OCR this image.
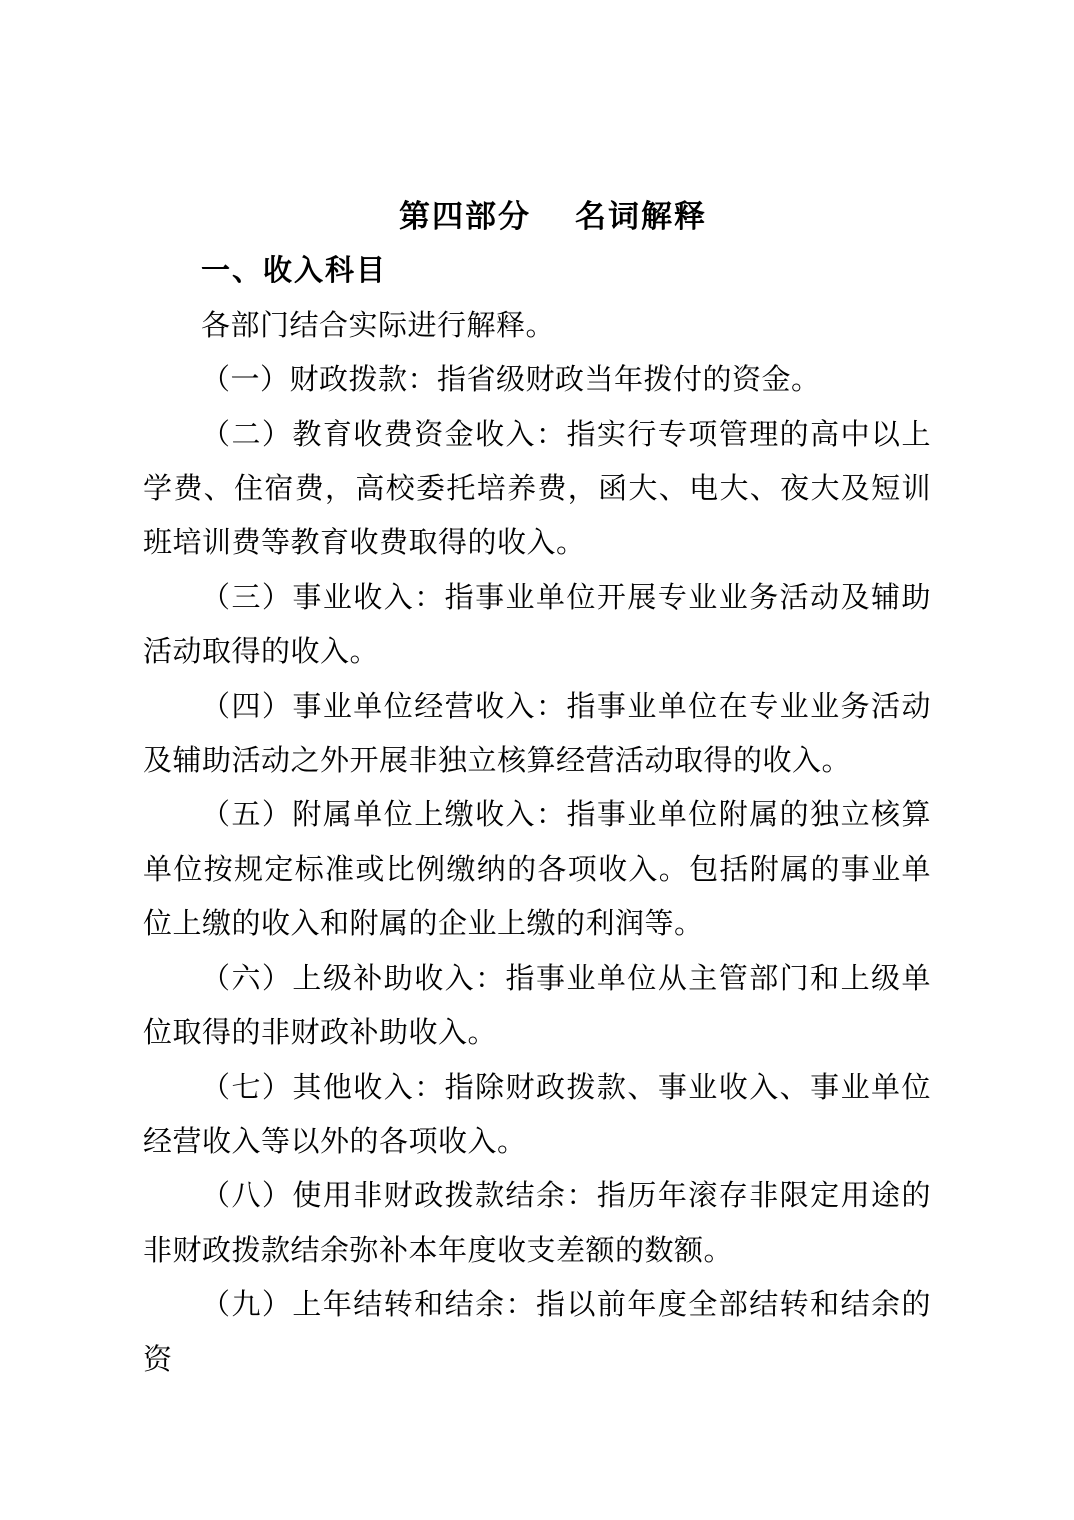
第四部分 名词解释
一、收入科目

各部门结合实际进行解释。

（一）财政拨款：指省级财政当年拨付的资金。

（二）教育收费资金收入：指实行专项管理的高中以上学费、住宿费，高校委托培养费，函大、电大、夜大及短训班培训费等教育收费取得的收入。

（三）事业收入：指事业单位开展专业业务活动及辅助活动取得的收入。

（四）事业单位经营收入：指事业单位在专业业务活动及辅助活动之外开展非独立核算经营活动取得的收入。

（五）附属单位上缴收入：指事业单位附属的独立核算单位按规定标准或比例缴纳的各项收入。包括附属的事业单位上缴的收入和附属的企业上缴的利润等。

（六）上级补助收入：指事业单位从主管部门和上级单位取得的非财政补助收入。

（七）其他收入：指除财政拨款、事业收入、事业单位经营收入等以外的各项收入。

（八）使用非财政拨款结余：指历年滚存非限定用途的非财政拨款结余弥补本年度收支差额的数额。

（九）上年结转和结余：指以前年度全部结转和结余的资
